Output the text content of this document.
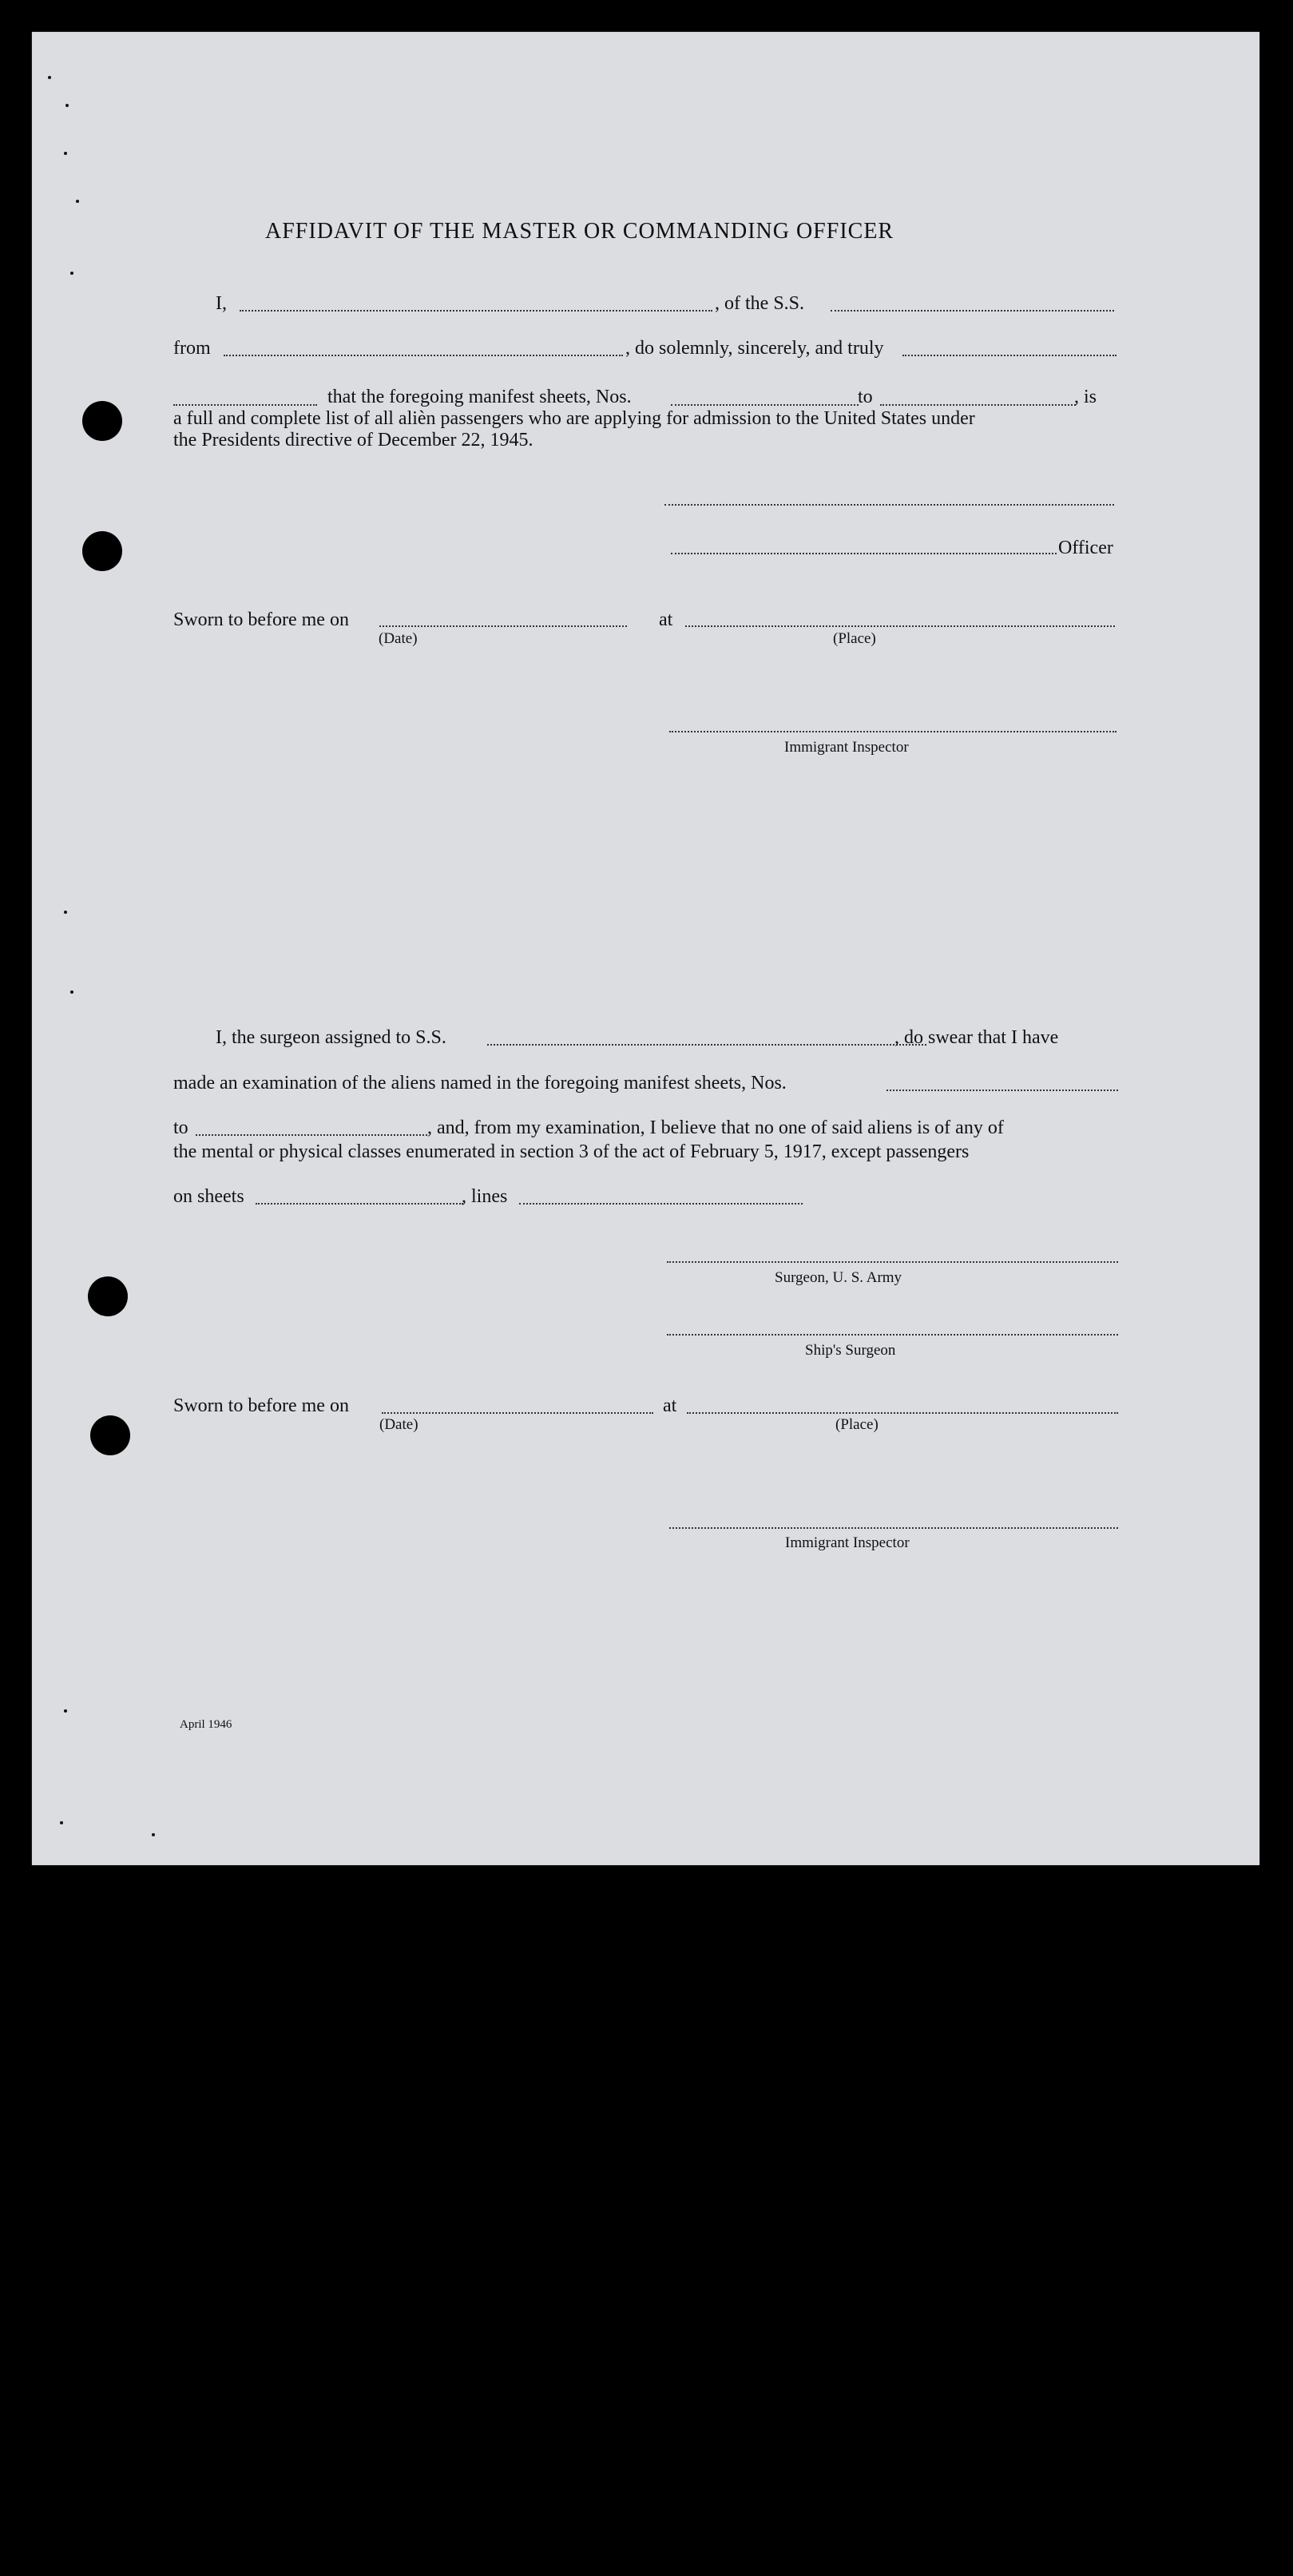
AFFIDAVIT OF THE MASTER OR COMMANDING OFFICER
I,	, of the S.S.
from	, do solemnly, sincerely, and truly
that the foregoing manifest sheets, Nos.	to	, is
a full and complete list of all alièn passengers who are applying for admission to the United States under
the Presidents directive of December 22, 1945.
Officer
Sworn to before me on	at
(Date)	(Place)
Immigrant Inspector
I, the surgeon assigned to S.S.	, do swear that I have
made an examination of the aliens named in the foregoing manifest sheets, Nos.
to	, and, from my examination, I believe that no one of said aliens is of any of
the mental or physical classes enumerated in section 3 of the act of February 5, 1917, except passengers
on sheets	, lines
Surgeon, U. S. Army
Ship's Surgeon
Sworn to before me on	at
(Date)	(Place)
Immigrant Inspector
April 1946
